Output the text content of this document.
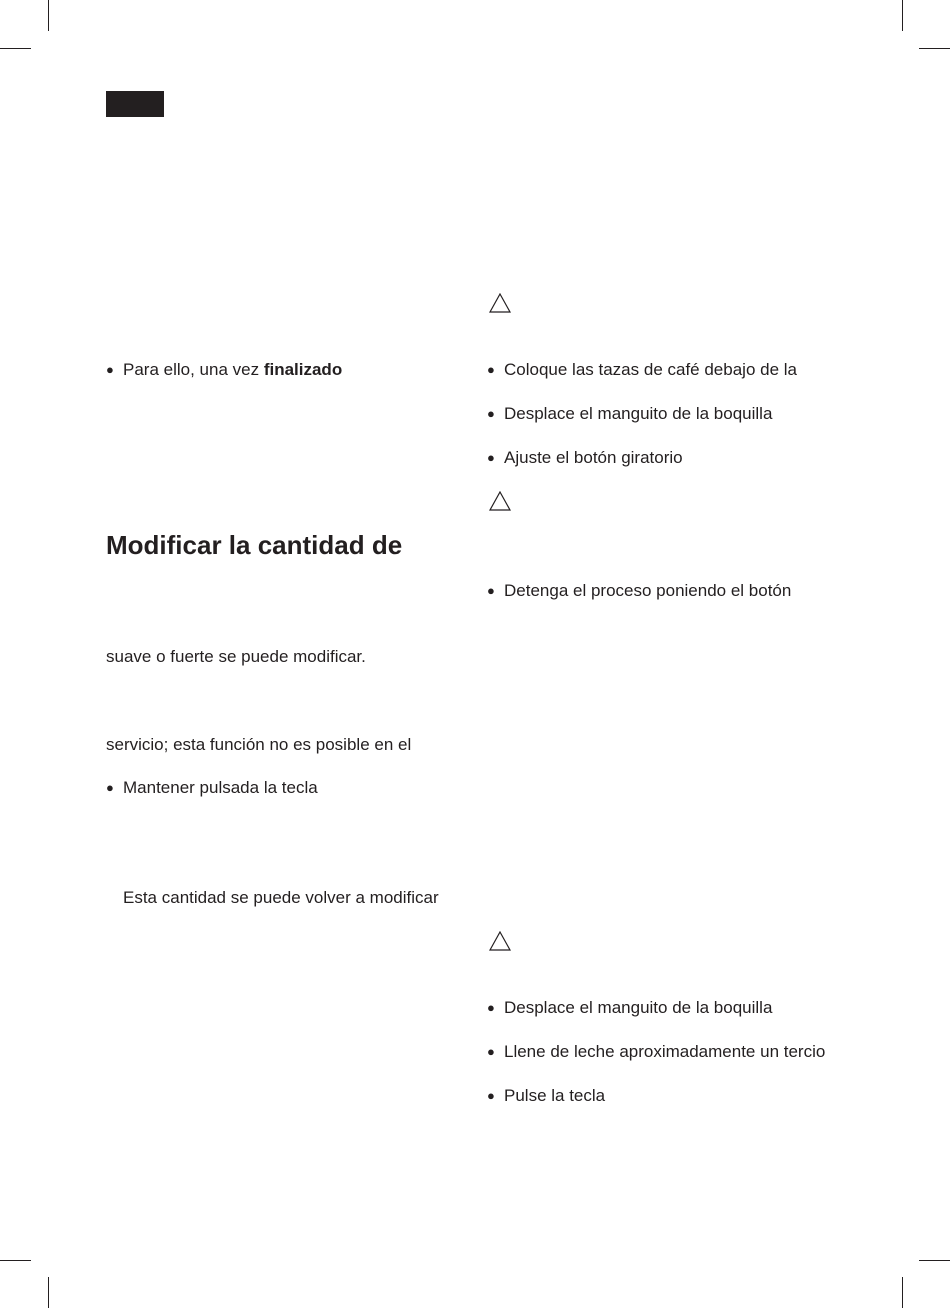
● Para ello, una vez finalizado
Modificar la cantidad de
suave o fuerte se puede modificar.
servicio; esta función no es posible en el
● Mantener pulsada la tecla
Esta cantidad se puede volver a modificar
● Coloque las tazas de café debajo de la
● Desplace el manguito de la boquilla
● Ajuste el botón giratorio
● Detenga el proceso poniendo el botón
● Desplace el manguito de la boquilla
● Llene de leche aproximadamente un tercio
● Pulse la tecla
